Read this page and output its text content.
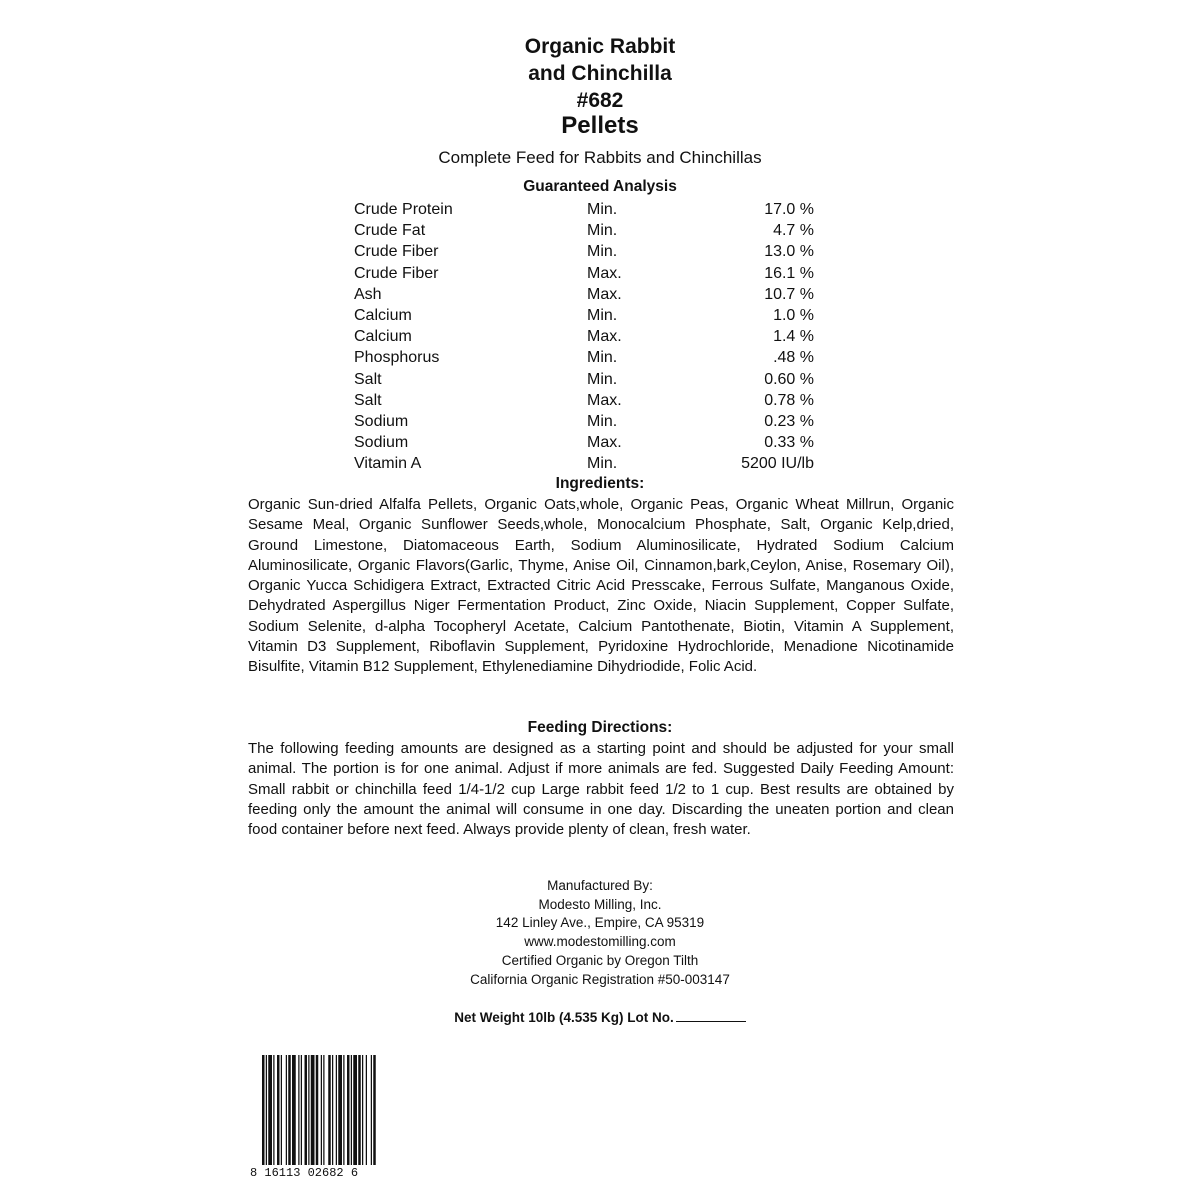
Organic Rabbit
and Chinchilla
#682
Pellets
Complete Feed for Rabbits and Chinchillas
Guaranteed Analysis
Crude Protein	Min.	17.0 %
Crude Fat	Min.	4.7 %
Crude Fiber	Min.	13.0 %
Crude Fiber	Max.	16.1 %
Ash	Max.	10.7 %
Calcium	Min.	1.0 %
Calcium	Max.	1.4 %
Phosphorus	Min.	.48 %
Salt	Min.	0.60 %
Salt	Max.	0.78 %
Sodium	Min.	0.23 %
Sodium	Max.	0.33 %
Vitamin A	Min.	5200 IU/lb
Ingredients:
Organic Sun-dried Alfalfa Pellets, Organic Oats,whole, Organic Peas, Organic Wheat Millrun, Organic Sesame Meal, Organic Sunflower Seeds,whole, Monocalcium Phosphate, Salt, Organic Kelp,dried, Ground Limestone, Diatomaceous Earth, Sodium Aluminosilicate, Hydrated Sodium Calcium Aluminosilicate, Organic Flavors(Garlic, Thyme, Anise Oil, Cinnamon,bark,Ceylon, Anise, Rosemary Oil), Organic Yucca Schidigera Extract, Extracted Citric Acid Presscake, Ferrous Sulfate, Manganous Oxide, Dehydrated Aspergillus Niger Fermentation Product, Zinc Oxide, Niacin Supplement, Copper Sulfate, Sodium Selenite, d-alpha Tocopheryl Acetate, Calcium Pantothenate, Biotin, Vitamin A Supplement, Vitamin D3 Supplement, Riboflavin Supplement, Pyridoxine Hydrochloride, Menadione Nicotinamide Bisulfite, Vitamin B12 Supplement, Ethylenediamine Dihydriodide, Folic Acid.
Feeding Directions:
The following feeding amounts are designed as a starting point and should be adjusted for your small animal. The portion is for one animal. Adjust if more animals are fed. Suggested Daily Feeding Amount: Small rabbit or chinchilla feed 1/4-1/2 cup Large rabbit feed 1/2 to 1 cup. Best results are obtained by feeding only the amount the animal will consume in one day. Discarding the uneaten portion and clean food container before next feed. Always provide plenty of clean, fresh water.
Manufactured By:
Modesto Milling, Inc.
142 Linley Ave., Empire, CA 95319
www.modestomilling.com
Certified Organic by Oregon Tilth
California Organic Registration #50-003147
Net Weight 10lb (4.535 Kg) Lot No.
8 16113 02682 6
